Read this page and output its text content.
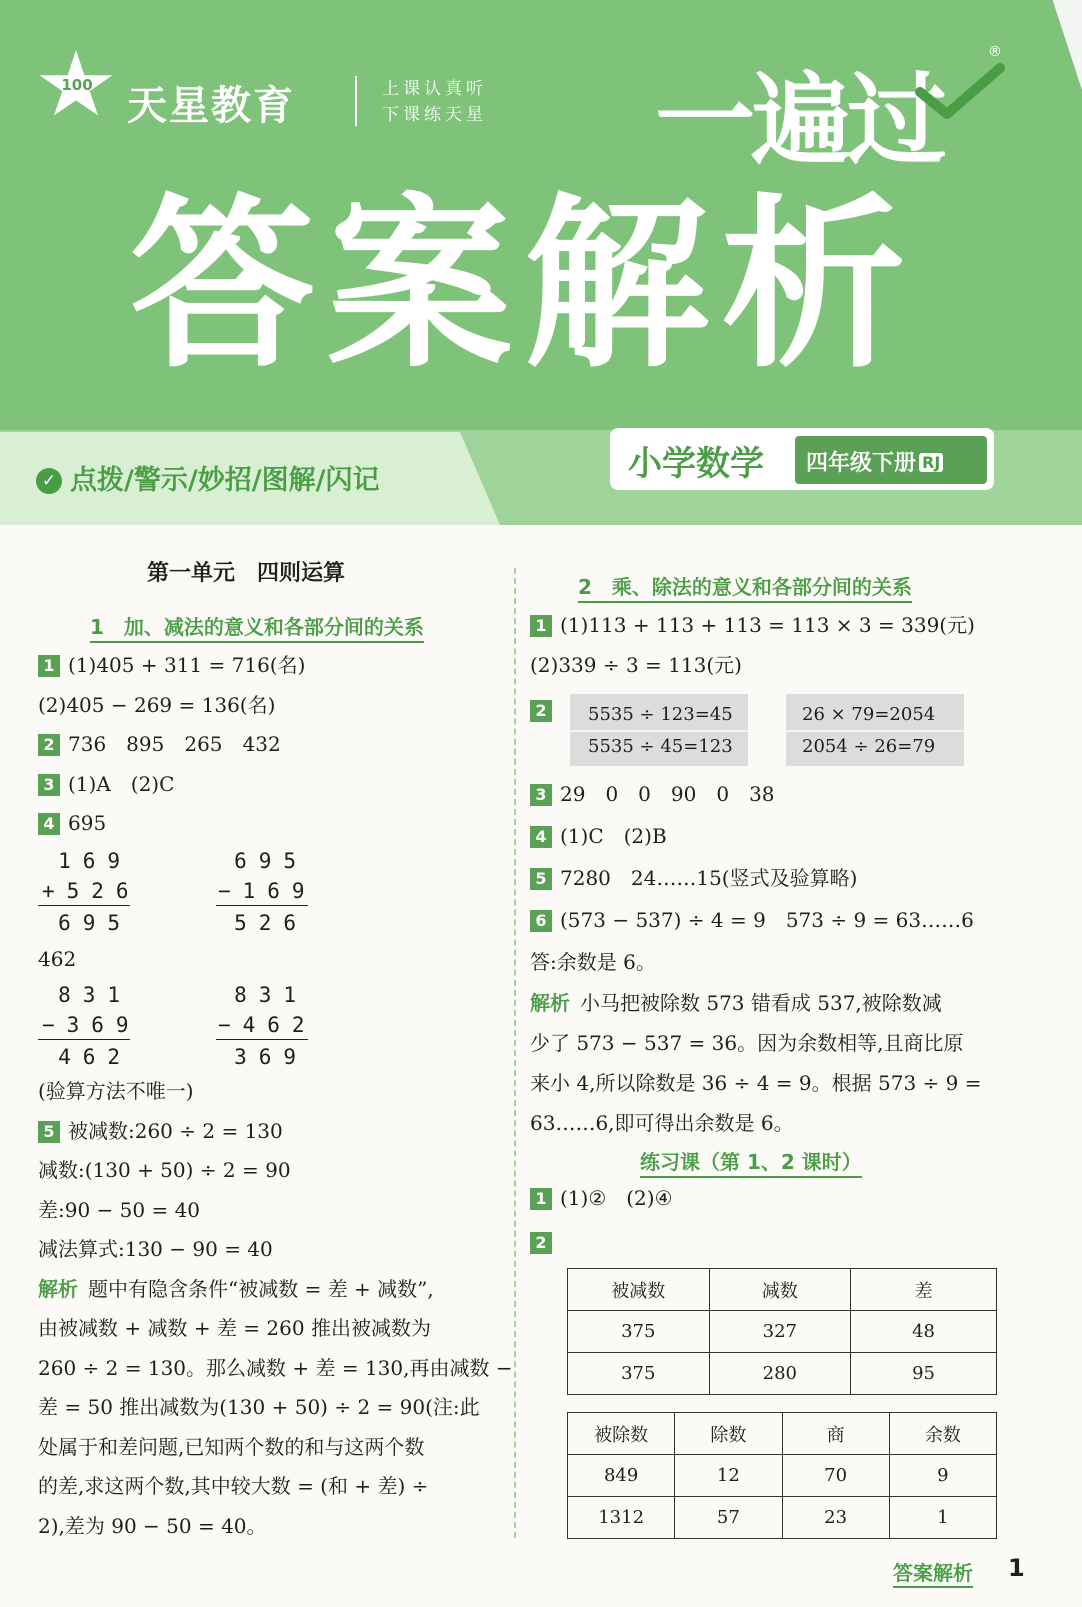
100 天星教育	上课认真听
下课练天星 一遍过
®
答案解析
✓ 点拨/警示/妙招/图解/闪记	小学数学 四年级下册 RJ
第一单元　四则运算
1　加、减法的意义和各部分间的关系
1 (1)405 + 311 = 716(名)
(2)405 − 269 = 136(名)
2 736　895　265　432
3 (1)A　(2)C
4 695
169
+526
695
695
−169
526
462
831
−369
462
831
−462
369
(验算方法不唯一)
5 被减数:260 ÷ 2 = 130
减数:(130 + 50) ÷ 2 = 90
差:90 − 50 = 40
减法算式:130 − 90 = 40
解析 题中有隐含条件“被减数 = 差 + 减数”,
由被减数 + 减数 + 差 = 260 推出被减数为
260 ÷ 2 = 130。那么减数 + 差 = 130,再由减数 −
差 = 50 推出减数为(130 + 50) ÷ 2 = 90(注:此
处属于和差问题,已知两个数的和与这两个数
的差,求这两个数,其中较大数 = (和 + 差) ÷
2),差为 90 − 50 = 40。
2　乘、除法的意义和各部分间的关系
1 (1)113 + 113 + 113 = 113 × 3 = 339(元)
(2)339 ÷ 3 = 113(元)
2	5535 ÷ 123=45
5535 ÷ 45=123
26 × 79=2054
2054 ÷ 26=79
3 29　0　0　90　0　38
4 (1)C　(2)B
5 7280　24……15(竖式及验算略)
6 (573 − 537) ÷ 4 = 9　573 ÷ 9 = 63……6
答:余数是 6。
解析 小马把被除数 573 错看成 537,被除数减
少了 573 − 537 = 36。因为余数相等,且商比原
来小 4,所以除数是 36 ÷ 4 = 9。根据 573 ÷ 9 =
63……6,即可得出余数是 6。
练习课（第 1、2 课时）
1 (1)②　(2)④
2
被减数	减数	差
375	327	48
375	280	95
被除数	除数	商	余数
849	12	70	9
1312	57	23	1
答案解析 1
